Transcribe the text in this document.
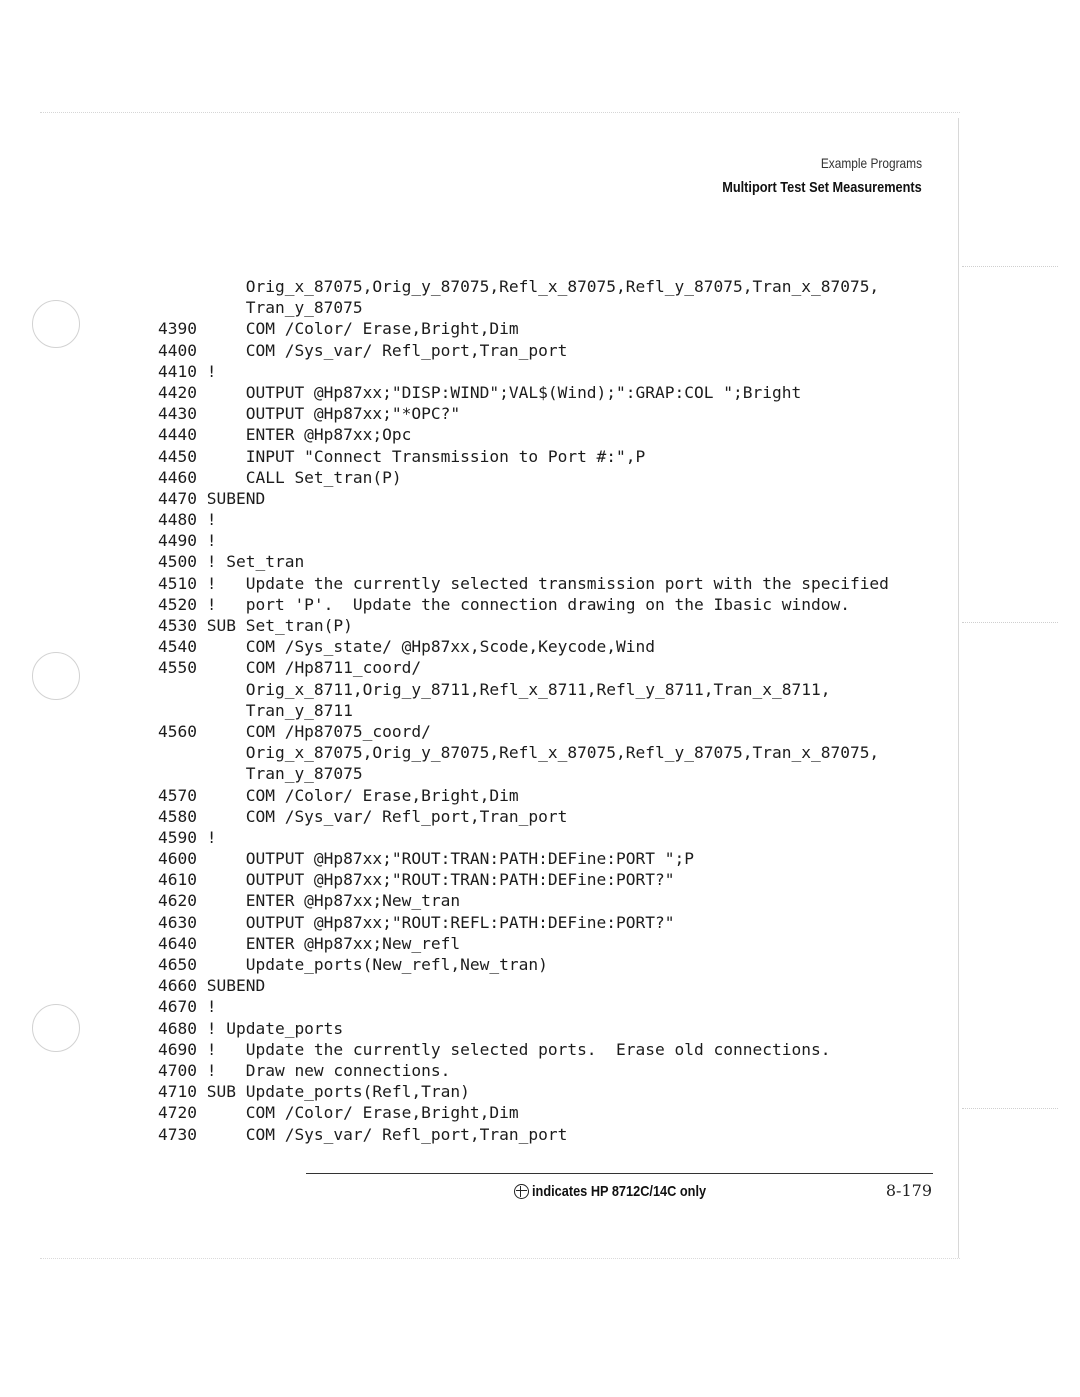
Example Programs
Multiport Test Set Measurements
Orig_x_87075,Orig_y_87075,Refl_x_87075,Refl_y_87075,Tran_x_87075,
Tran_y_87075
4390     COM /Color/ Erase,Bright,Dim
4400     COM /Sys_var/ Refl_port,Tran_port
4410 !
4420     OUTPUT @Hp87xx;"DISP:WIND";VAL$(Wind);":GRAP:COL ";Bright
4430     OUTPUT @Hp87xx;"*OPC?"
4440     ENTER @Hp87xx;Opc
4450     INPUT "Connect Transmission to Port #:",P
4460     CALL Set_tran(P)
4470 SUBEND
4480 !
4490 !
4500 ! Set_tran
4510 !   Update the currently selected transmission port with the specified
4520 !   port 'P'.  Update the connection drawing on the Ibasic window.
4530 SUB Set_tran(P)
4540     COM /Sys_state/ @Hp87xx,Scode,Keycode,Wind
4550     COM /Hp8711_coord/
Orig_x_8711,Orig_y_8711,Refl_x_8711,Refl_y_8711,Tran_x_8711,
Tran_y_8711
4560     COM /Hp87075_coord/
Orig_x_87075,Orig_y_87075,Refl_x_87075,Refl_y_87075,Tran_x_87075,
Tran_y_87075
4570     COM /Color/ Erase,Bright,Dim
4580     COM /Sys_var/ Refl_port,Tran_port
4590 !
4600     OUTPUT @Hp87xx;"ROUT:TRAN:PATH:DEFine:PORT ";P
4610     OUTPUT @Hp87xx;"ROUT:TRAN:PATH:DEFine:PORT?"
4620     ENTER @Hp87xx;New_tran
4630     OUTPUT @Hp87xx;"ROUT:REFL:PATH:DEFine:PORT?"
4640     ENTER @Hp87xx;New_refl
4650     Update_ports(New_refl,New_tran)
4660 SUBEND
4670 !
4680 ! Update_ports
4690 !   Update the currently selected ports.  Erase old connections.
4700 !   Draw new connections.
4710 SUB Update_ports(Refl,Tran)
4720     COM /Color/ Erase,Bright,Dim
4730     COM /Sys_var/ Refl_port,Tran_port
indicates HP 8712C/14C only	8-179
